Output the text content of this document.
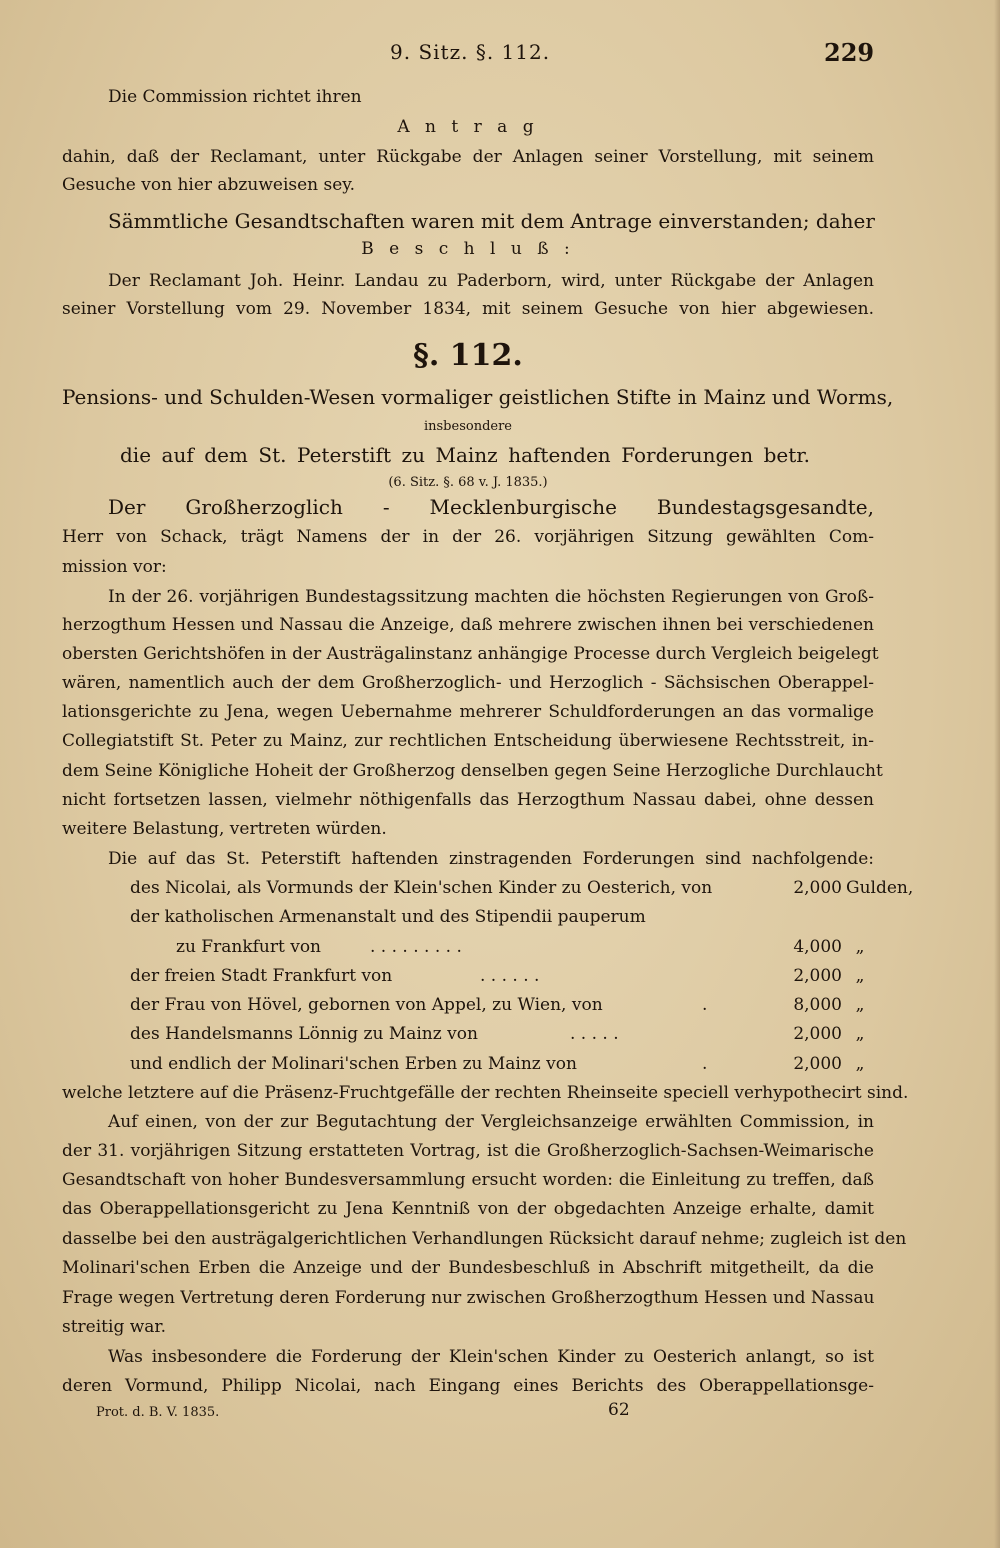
9. Sitz. §. 112.	229
Die Commission richtet ihren
A n t r a g
dahin, daß der Reclamant, unter Rückgabe der Anlagen seiner Vorstellung, mit seinem
Gesuche von hier abzuweisen sey.
Sämmtliche Gesandtschaften waren mit dem Antrage einverstanden; daher
B e s c h l u ß :
Der Reclamant Joh. Heinr. Landau zu Paderborn, wird, unter Rückgabe der Anlagen
seiner Vorstellung vom 29. November 1834, mit seinem Gesuche von hier abgewiesen.
§. 112.
Pensions- und Schulden-Wesen vormaliger geistlichen Stifte in Mainz und Worms,
insbesondere
die auf dem St. Peterstift zu Mainz haftenden Forderungen betr.
(6. Sitz. §. 68 v. J. 1835.)
Der Großherzoglich - Mecklenburgische Bundestagsgesandte,
Herr von Schack, trägt Namens der in der 26. vorjährigen Sitzung gewählten Com-
mission vor:
In der 26. vorjährigen Bundestagssitzung machten die höchsten Regierungen von Groß-
herzogthum Hessen und Nassau die Anzeige, daß mehrere zwischen ihnen bei verschiedenen
obersten Gerichtshöfen in der Austrägalinstanz anhängige Processe durch Vergleich beigelegt
wären, namentlich auch der dem Großherzoglich- und Herzoglich - Sächsischen Oberappel-
lationsgerichte zu Jena, wegen Uebernahme mehrerer Schuldforderungen an das vormalige
Collegiatstift St. Peter zu Mainz, zur rechtlichen Entscheidung überwiesene Rechtsstreit, in-
dem Seine Königliche Hoheit der Großherzog denselben gegen Seine Herzogliche Durchlaucht
nicht fortsetzen lassen, vielmehr nöthigenfalls das Herzogthum Nassau dabei, ohne dessen
weitere Belastung, vertreten würden.
Die auf das St. Peterstift haftenden zinstragenden Forderungen sind nachfolgende:
des Nicolai, als Vormunds der Klein'schen Kinder zu Oesterich, von	2,000 Gulden,
der katholischen Armenanstalt und des Stipendii pauperum
zu Frankfurt von	. . . . . . . . .	4,000 „
der freien Stadt Frankfurt von	. . . . . .	2,000 „
der Frau von Hövel, gebornen von Appel, zu Wien, von	.	8,000 „
des Handelsmanns Lönnig zu Mainz von	. . . . .	2,000 „
und endlich der Molinari'schen Erben zu Mainz von	.	2,000 „
welche letztere auf die Präsenz-Fruchtgefälle der rechten Rheinseite speciell verhypothecirt sind.
Auf einen, von der zur Begutachtung der Vergleichsanzeige erwählten Commission, in
der 31. vorjährigen Sitzung erstatteten Vortrag, ist die Großherzoglich-Sachsen-Weimarische
Gesandtschaft von hoher Bundesversammlung ersucht worden: die Einleitung zu treffen, daß
das Oberappellationsgericht zu Jena Kenntniß von der obgedachten Anzeige erhalte, damit
dasselbe bei den austrägalgerichtlichen Verhandlungen Rücksicht darauf nehme; zugleich ist den
Molinari'schen Erben die Anzeige und der Bundesbeschluß in Abschrift mitgetheilt, da die
Frage wegen Vertretung deren Forderung nur zwischen Großherzogthum Hessen und Nassau
streitig war.
Was insbesondere die Forderung der Klein'schen Kinder zu Oesterich anlangt, so ist
deren Vormund, Philipp Nicolai, nach Eingang eines Berichts des Oberappellationsge-
Prot. d. B. V. 1835.	62
